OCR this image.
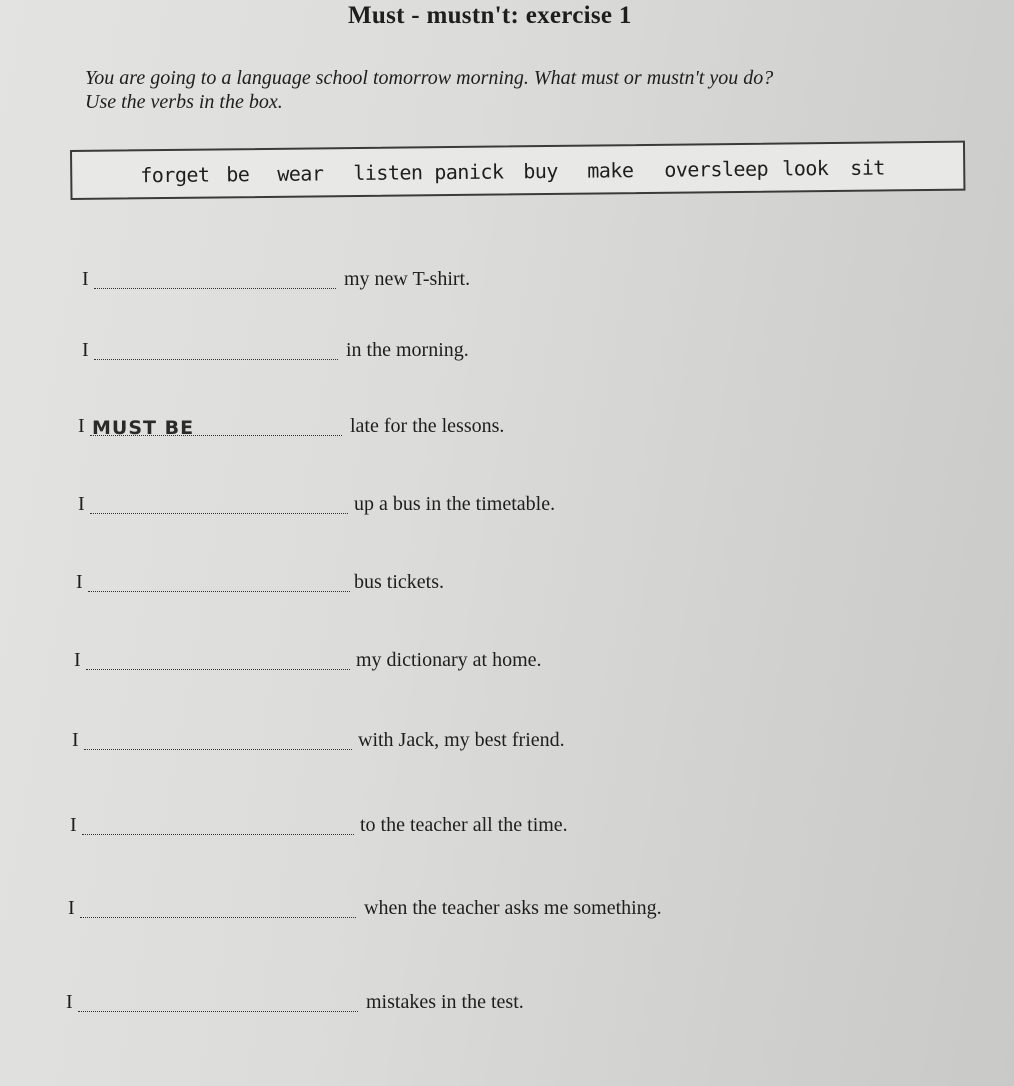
Must - mustn't: exercise 1
You are going to a language school tomorrow morning. What must or mustn't you do?
Use the verbs in the box.
forget be wear listen panick buy make oversleep look sit
I	my new T-shirt.
I	in the morning.
I MUST BE	late for the lessons.
I	up a bus in the timetable.
I	bus tickets.
I	my dictionary at home.
I	with Jack, my best friend.
I	to the teacher all the time.
I	when the teacher asks me something.
I	mistakes in the test.
